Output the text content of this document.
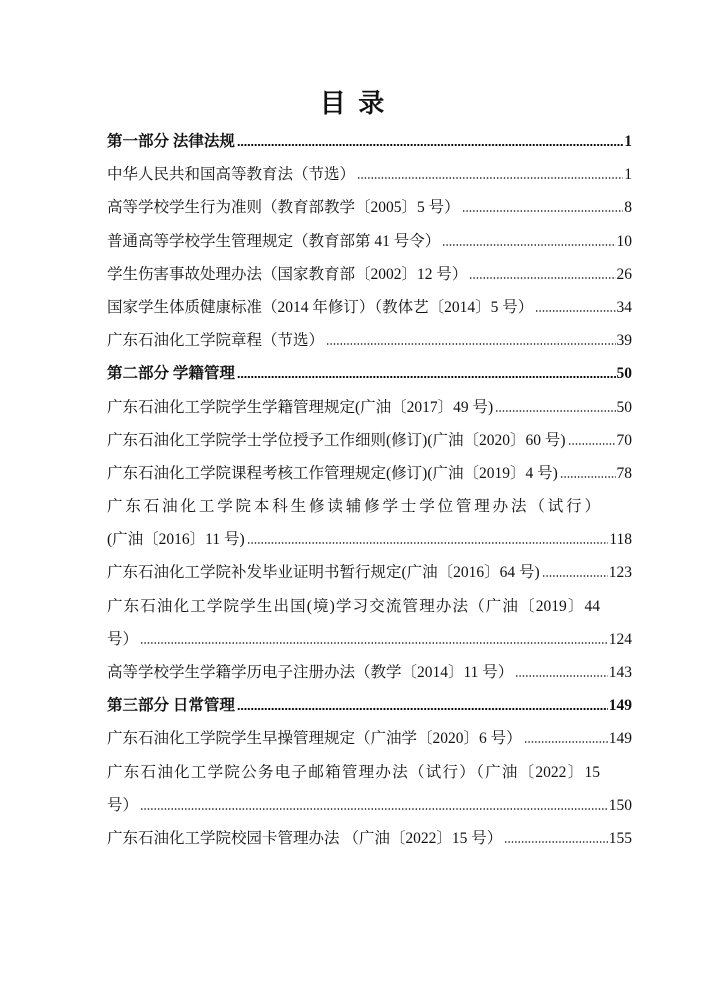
目 录
第一部分 法律法规	1
中华人民共和国高等教育法（节选）	1
高等学校学生行为准则（教育部教学〔2005〕5 号）	8
普通高等学校学生管理规定（教育部第 41 号令）	10
学生伤害事故处理办法（国家教育部〔2002〕12 号）	26
国家学生体质健康标准（2014 年修订）（教体艺〔2014〕5 号）	34
广东石油化工学院章程（节选）	39
第二部分 学籍管理	50
广东石油化工学院学生学籍管理规定(广油〔2017〕49 号)	50
广东石油化工学院学士学位授予工作细则(修订)(广油〔2020〕60 号)	70
广东石油化工学院课程考核工作管理规定(修订)(广油〔2019〕4 号)	78
广东石油化工学院本科生修读辅修学士学位管理办法（试行）
(广油〔2016〕11 号)	118
广东石油化工学院补发毕业证明书暂行规定(广油〔2016〕64 号)	123
广东石油化工学院学生出国(境)学习交流管理办法（广油〔2019〕44
号）	124
高等学校学生学籍学历电子注册办法（教学〔2014〕11 号）	143
第三部分 日常管理	149
广东石油化工学院学生早操管理规定（广油学〔2020〕6 号）	149
广东石油化工学院公务电子邮箱管理办法（试行）（广油〔2022〕15
号）	150
广东石油化工学院校园卡管理办法 （广油〔2022〕15 号）	155
